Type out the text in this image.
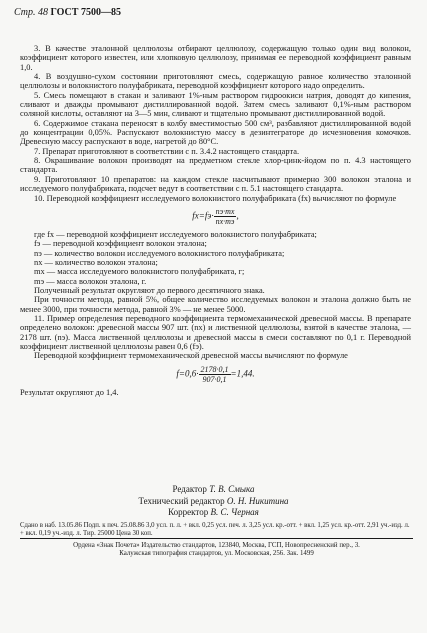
Стр. 48 ГОСТ 7500—85

3. В качестве эталонной целлюлозы отбирают целлюлозу, содержащую только один вид волокон, коэффициент которого известен, или хлопковую целлюлозу, принимая ее переводной коэффициент равным 1,0.

4. В воздушно-сухом состоянии приготовляют смесь, содержащую равное количество эталонной целлюлозы и волокнистого полуфабриката, переводной коэффициент которого надо определить.

5. Смесь помещают в стакан и заливают 1%-ным раствором гидроокиси натрия, доводят до кипения, сливают и дважды промывают дистиллированной водой. Затем смесь заливают 0,1%-ным раствором соляной кислоты, оставляют на 3—5 мин, сливают и тщательно промывают дистиллированной водой.

6. Содержимое стакана переносят в колбу вместимостью 500 см³, разбавляют дистиллированной водой до концентрации 0,05%. Распускают волокнистую массу в дезинтеграторе до исчезновения комочков. Древесную массу распускают в воде, нагретой до 80°С.

7. Препарат приготовляют в соответствии с п. 3.4.2 настоящего стандарта.

8. Окрашивание волокон производят на предметном стекле хлор-цинк-йодом по п. 4.3 настоящего стандарта.

9. Приготовляют 10 препаратов: на каждом стекле насчитывают примерно 300 волокон эталона и исследуемого полуфабриката, подсчет ведут в соответствии с п. 5.1 настоящего стандарта.

10. Переводной коэффициент исследуемого волокнистого полуфабриката (fx) вычисляют по формуле

$fx=fэ\cdot \frac{nэ\cdot mx}{nx\cdot mэ}$ ,

где fx — переводной коэффициент исследуемого волокнистого полуфабриката;

fэ — переводной коэффициент волокон эталона;

nэ — количество волокон исследуемого волокнистого полуфабриката;

nx — количество волокон эталона;

mx — масса исследуемого волокнистого полуфабриката, г;

mэ — масса волокон эталона, г.

Полученный результат округляют до первого десятичного знака.

При точности метода, равной 5%, общее количество исследуемых волокон и эталона должно быть не менее 3000, при точности метода, равной 3% — не менее 5000.

11. Пример определения переводного коэффициента термомеханической древесной массы. В препарате определено волокон: древесной массы 907 шт. (nx) и лиственной целлюлозы, взятой в качестве эталона, — 2178 шт. (nэ). Масса лиственной целлюлозы и древесной массы в смеси составляют по 0,1 г. Переводной коэффициент лиственной целлюлозы равен 0,6 (fэ).

Переводной коэффициент термомеханической древесной массы вычисляют по формуле

$f=0,6\cdot \frac{2178\cdot 0,1}{907\cdot 0,1} =1,44$.

Результат округляют до 1,4.

Редактор Т. В. Смыка
Технический редактор О. Н. Никитина
Корректор В. С. Черная
Сдано в наб. 13.05.86 Подп. к печ. 25.08.86 3,0 усл. п. л. + вкл. 0,25 усл. печ. л. 3,25 усл. кр.-отт. + вкл. 1,25 усл. кр.-отт. 2,91 уч.-изд. л. + вкл. 0,19 уч.-изд. л. Тир. 25000 Цена 30 коп.
Ордена «Знак Почета» Издательство стандартов, 123840, Москва, ГСП, Новопресненский пер., 3.
Калужская типография стандартов, ул. Московская, 256. Зак. 1499
